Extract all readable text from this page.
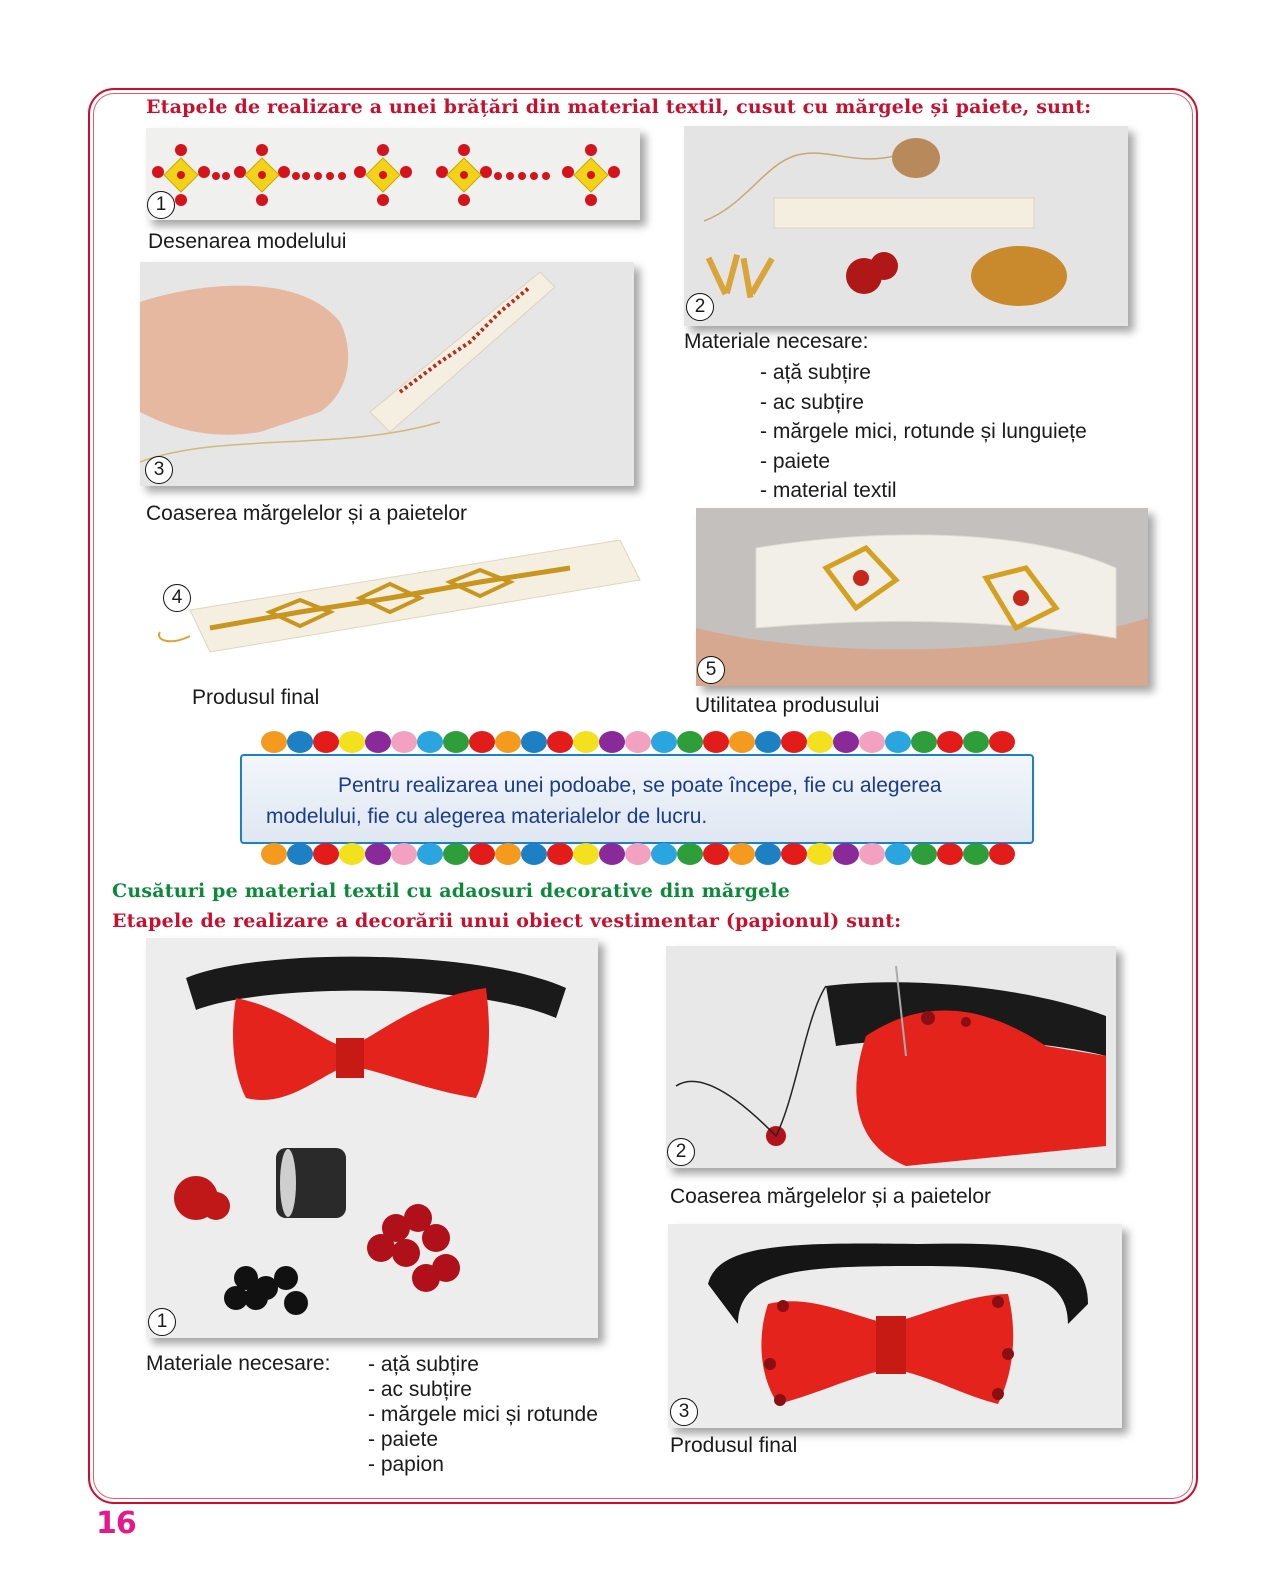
Etapele de realizare a unei brățări din material textil, cusut cu mărgele și paiete, sunt:
1
Desenarea modelului
2
Materiale necesare:
- ață subțire
- ac subțire
- mărgele mici, rotunde și lunguiețe
- paiete
- material textil
3
Coaserea mărgelelor și a paietelor
4
Produsul final
5
Utilitatea produsului
Pentru realizarea unei podoabe, se poate începe, fie cu alegerea modelului, fie cu alegerea materialelor de lucru.
Cusături pe material textil cu adaosuri decorative din mărgele
Etapele de realizare a decorării unui obiect vestimentar (papionul) sunt:
1
Materiale necesare: - ață subțire
- ac subțire
- mărgele mici și rotunde
- paiete
- papion
2
Coaserea mărgelelor și a paietelor
3
Produsul final
16
